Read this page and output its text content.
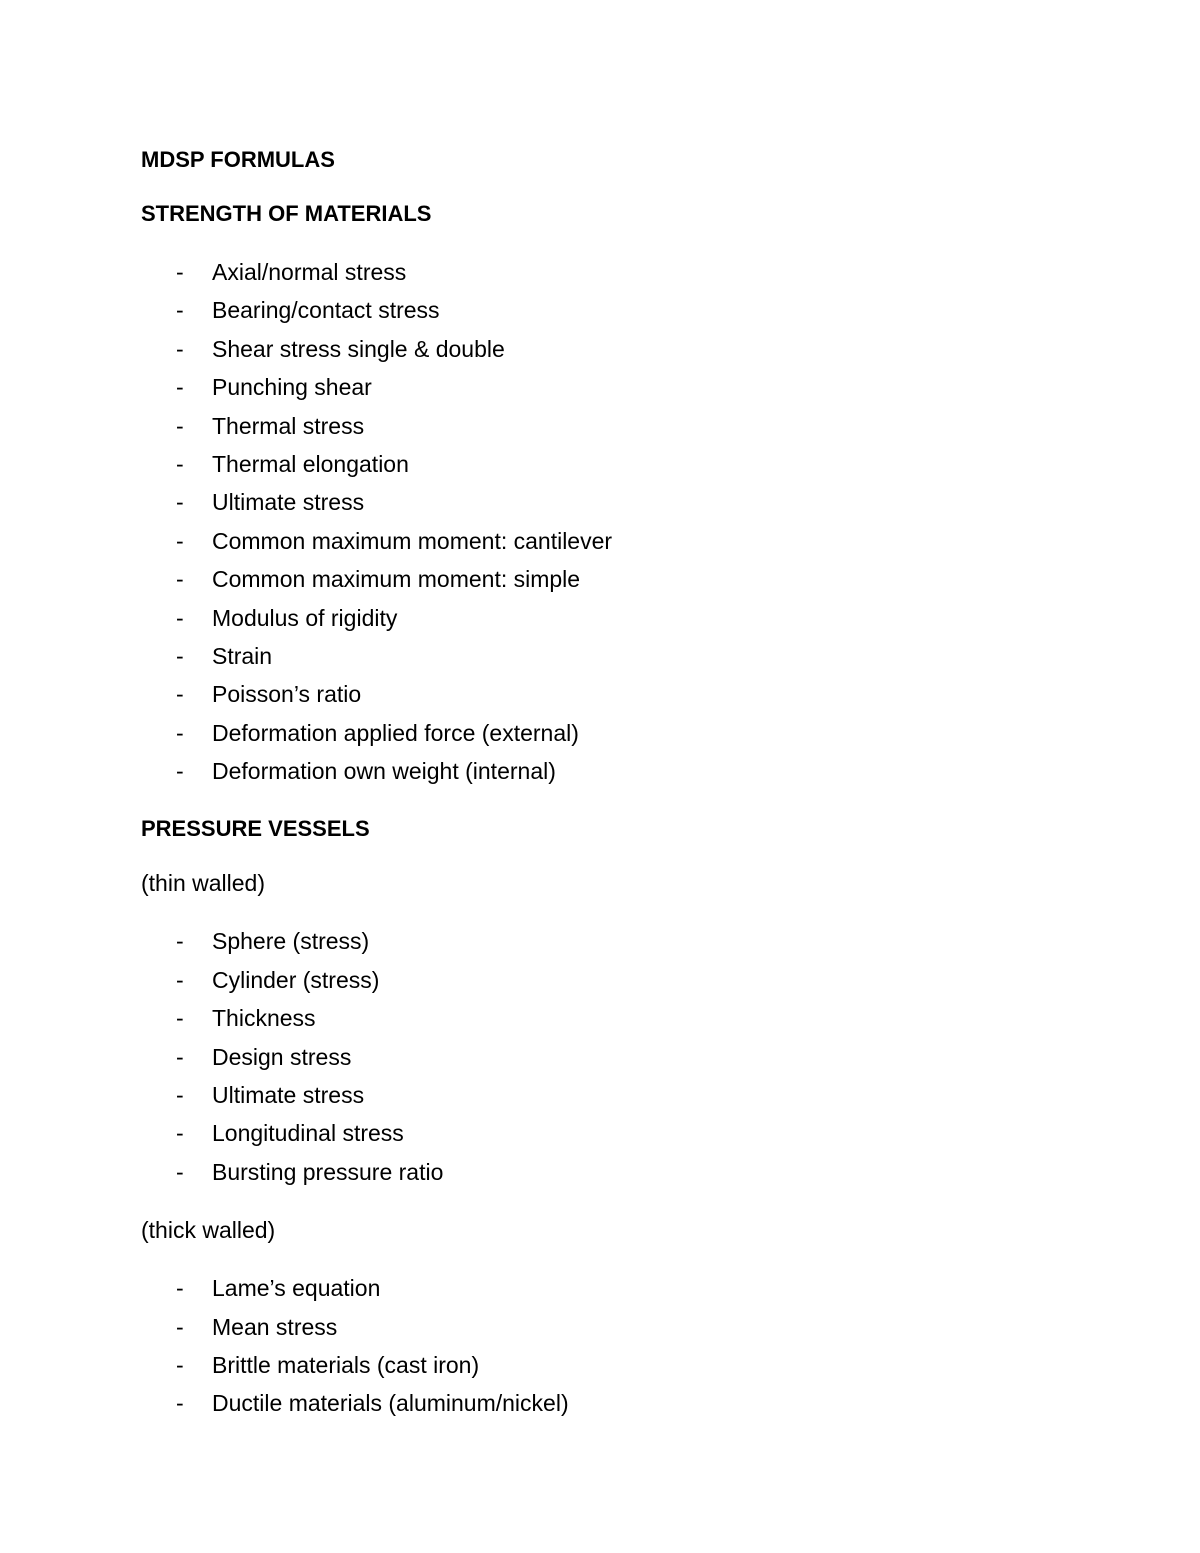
MDSP FORMULAS

STRENGTH OF MATERIALS

- Axial/normal stress
- Bearing/contact stress
- Shear stress single & double
- Punching shear
- Thermal stress
- Thermal elongation
- Ultimate stress
- Common maximum moment: cantilever
- Common maximum moment: simple
- Modulus of rigidity
- Strain
- Poisson’s ratio
- Deformation applied force (external)
- Deformation own weight (internal)

PRESSURE VESSELS

(thin walled)

- Sphere (stress)
- Cylinder (stress)
- Thickness
- Design stress
- Ultimate stress
- Longitudinal stress
- Bursting pressure ratio

(thick walled)

- Lame’s equation
- Mean stress
- Brittle materials (cast iron)
- Ductile materials (aluminum/nickel)
